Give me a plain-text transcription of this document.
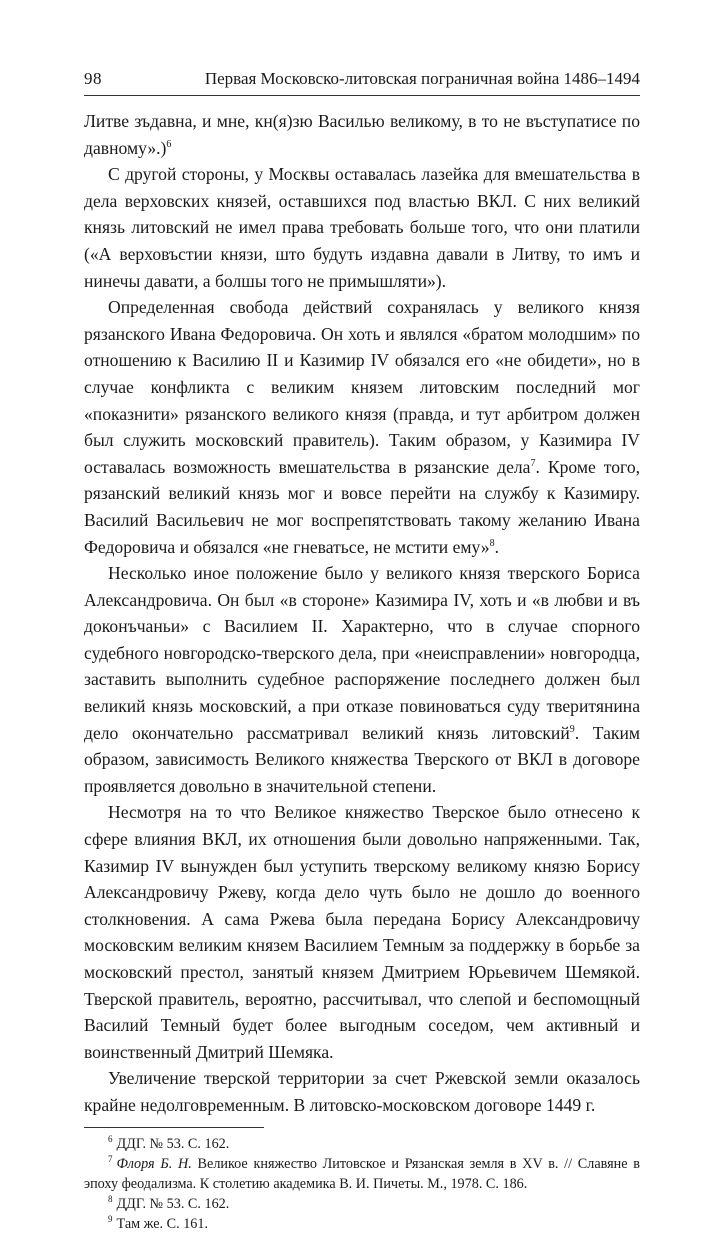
98	Первая Московско-литовская пограничная война 1486–1494

Литве зъдавна, и мне, кн(я)зю Василью великому, в то не въступатисе по давному».)$^6$

С другой стороны, у Москвы оставалась лазейка для вмешательства в дела верховских князей, оставшихся под властью ВКЛ. С них великий князь литовский не имел права требовать больше того, что они платили («А верховъстии князи, што будуть издавна давали в Литву, то имъ и нинечы давати, а болшы того не примышляти»).

Определенная свобода действий сохранялась у великого князя рязанского Ивана Федоровича. Он хоть и являлся «братом молодшим» по отношению к Василию II и Казимир IV обязался его «не обидети», но в случае конфликта с великим князем литовским последний мог «показнити» рязанского великого князя (правда, и тут арбитром должен был служить московский правитель). Таким образом, у Казимира IV оставалась возможность вмешательства в рязанские дела$^7$. Кроме того, рязанский великий князь мог и вовсе перейти на службу к Казимиру. Василий Васильевич не мог воспрепятствовать такому желанию Ивана Федоровича и обязался «не гневатьсе, не мстити ему»$^8$.

Несколько иное положение было у великого князя тверского Бориса Александровича. Он был «в стороне» Казимира IV, хоть и «в любви и въ доконъчаньи» с Василием II. Характерно, что в случае спорного судебного новгородско-тверского дела, при «неисправлении» новгородца, заставить выполнить судебное распоряжение последнего должен был великий князь московский, а при отказе повиноваться суду тверитянина дело окончательно рассматривал великий князь литовский$^9$. Таким образом, зависимость Великого княжества Тверского от ВКЛ в договоре проявляется довольно в значительной степени.

Несмотря на то что Великое княжество Тверское было отнесено к сфере влияния ВКЛ, их отношения были довольно напряженными. Так, Казимир IV вынужден был уступить тверскому великому князю Борису Александровичу Ржеву, когда дело чуть было не дошло до военного столкновения. А сама Ржева была передана Борису Александровичу московским великим князем Василием Темным за поддержку в борьбе за московский престол, занятый князем Дмитрием Юрьевичем Шемякой. Тверской правитель, вероятно, рассчитывал, что слепой и беспомощный Василий Темный будет более выгодным соседом, чем активный и воинственный Дмитрий Шемяка.

Увеличение тверской территории за счет Ржевской земли оказалось крайне недолговременным. В литовско-московском договоре 1449 г.

$^6$ ДДГ. № 53. С. 162.

$^7$ Флоря Б. Н. Великое княжество Литовское и Рязанская земля в XV в. // Славяне в эпоху феодализма. К столетию академика В. И. Пичеты. М., 1978. С. 186.

$^8$ ДДГ. № 53. С. 162.

$^9$ Там же. С. 161.
